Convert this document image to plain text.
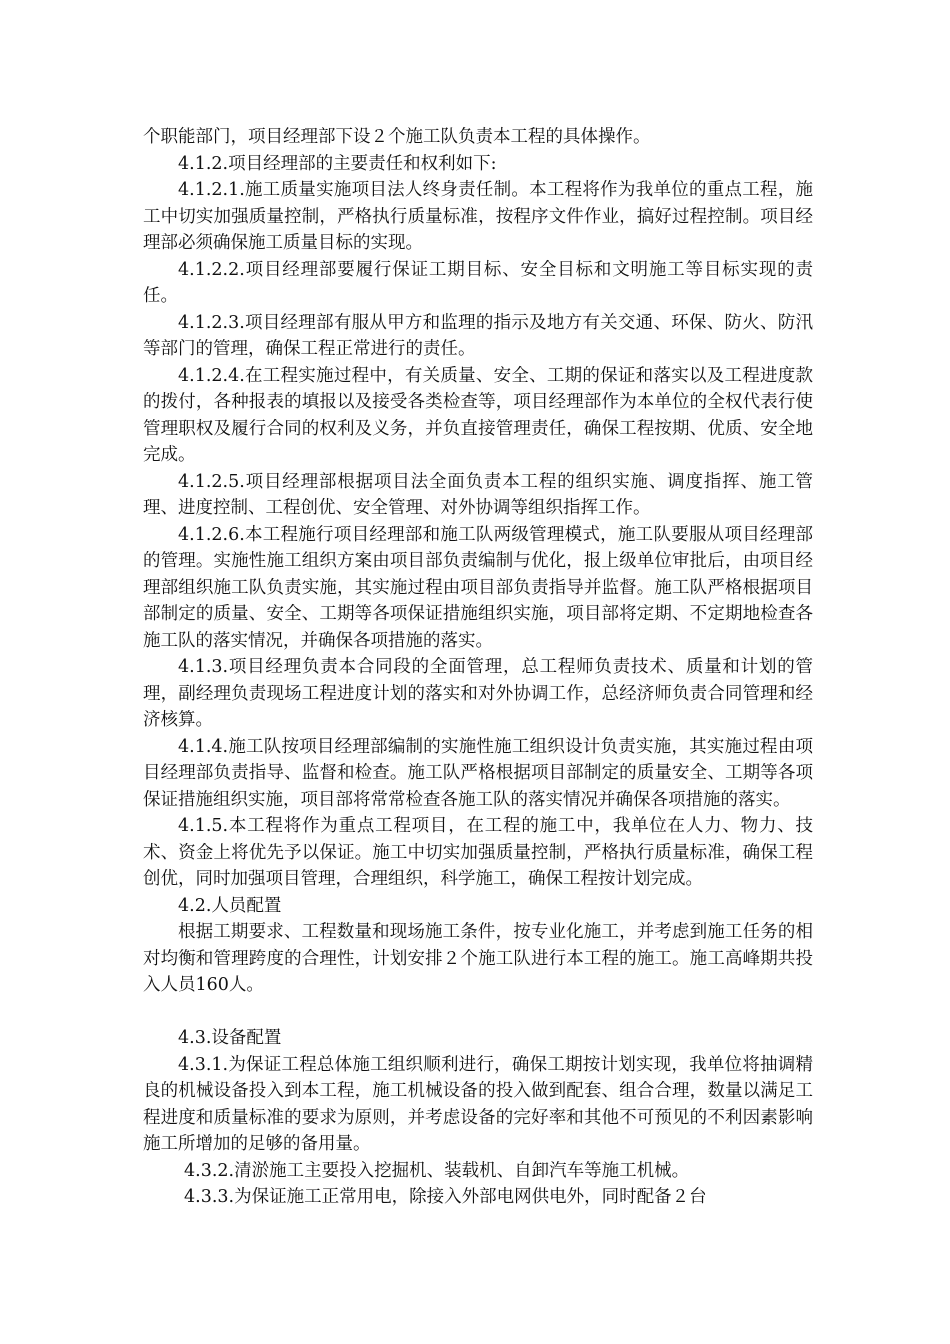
个职能部门，项目经理部下设２个施工队负责本工程的具体操作。

4.1.2.项目经理部的主要责任和权利如下:

4.1.2.1.施工质量实施项目法人终身责任制。本工程将作为我单位的重点工程，施工中切实加强质量控制，严格执行质量标准，按程序文件作业，搞好过程控制。项目经理部必须确保施工质量目标的实现。

4.1.2.2.项目经理部要履行保证工期目标、安全目标和文明施工等目标实现的责任。

4.1.2.3.项目经理部有服从甲方和监理的指示及地方有关交通、环保、防火、防汛等部门的管理，确保工程正常进行的责任。

4.1.2.4.在工程实施过程中，有关质量、安全、工期的保证和落实以及工程进度款的拨付，各种报表的填报以及接受各类检查等，项目经理部作为本单位的全权代表行使管理职权及履行合同的权利及义务，并负直接管理责任，确保工程按期、优质、安全地完成。

4.1.2.5.项目经理部根据项目法全面负责本工程的组织实施、调度指挥、施工管理、进度控制、工程创优、安全管理、对外协调等组织指挥工作。

4.1.2.6.本工程施行项目经理部和施工队两级管理模式，施工队要服从项目经理部的管理。实施性施工组织方案由项目部负责编制与优化，报上级单位审批后，由项目经理部组织施工队负责实施，其实施过程由项目部负责指导并监督。施工队严格根据项目部制定的质量、安全、工期等各项保证措施组织实施，项目部将定期、不定期地检查各施工队的落实情况，并确保各项措施的落实。

4.1.3.项目经理负责本合同段的全面管理，总工程师负责技术、质量和计划的管理，副经理负责现场工程进度计划的落实和对外协调工作，总经济师负责合同管理和经济核算。

4.1.4.施工队按项目经理部编制的实施性施工组织设计负责实施，其实施过程由项目经理部负责指导、监督和检查。施工队严格根据项目部制定的质量安全、工期等各项保证措施组织实施，项目部将常常检查各施工队的落实情况并确保各项措施的落实。

4.1.5.本工程将作为重点工程项目，在工程的施工中，我单位在人力、物力、技术、资金上将优先予以保证。施工中切实加强质量控制，严格执行质量标准，确保工程创优，同时加强项目管理，合理组织，科学施工，确保工程按计划完成。

4.2.人员配置

根据工期要求、工程数量和现场施工条件，按专业化施工，并考虑到施工任务的相对均衡和管理跨度的合理性，计划安排２个施工队进行本工程的施工。施工高峰期共投入人员160人。

4.3.设备配置

4.3.1.为保证工程总体施工组织顺利进行，确保工期按计划实现，我单位将抽调精良的机械设备投入到本工程，施工机械设备的投入做到配套、组合合理，数量以满足工程进度和质量标准的要求为原则，并考虑设备的完好率和其他不可预见的不利因素影响施工所增加的足够的备用量。

4.3.2.清淤施工主要投入挖掘机、装载机、自卸汽车等施工机械。

4.3.3.为保证施工正常用电，除接入外部电网供电外，同时配备２台
